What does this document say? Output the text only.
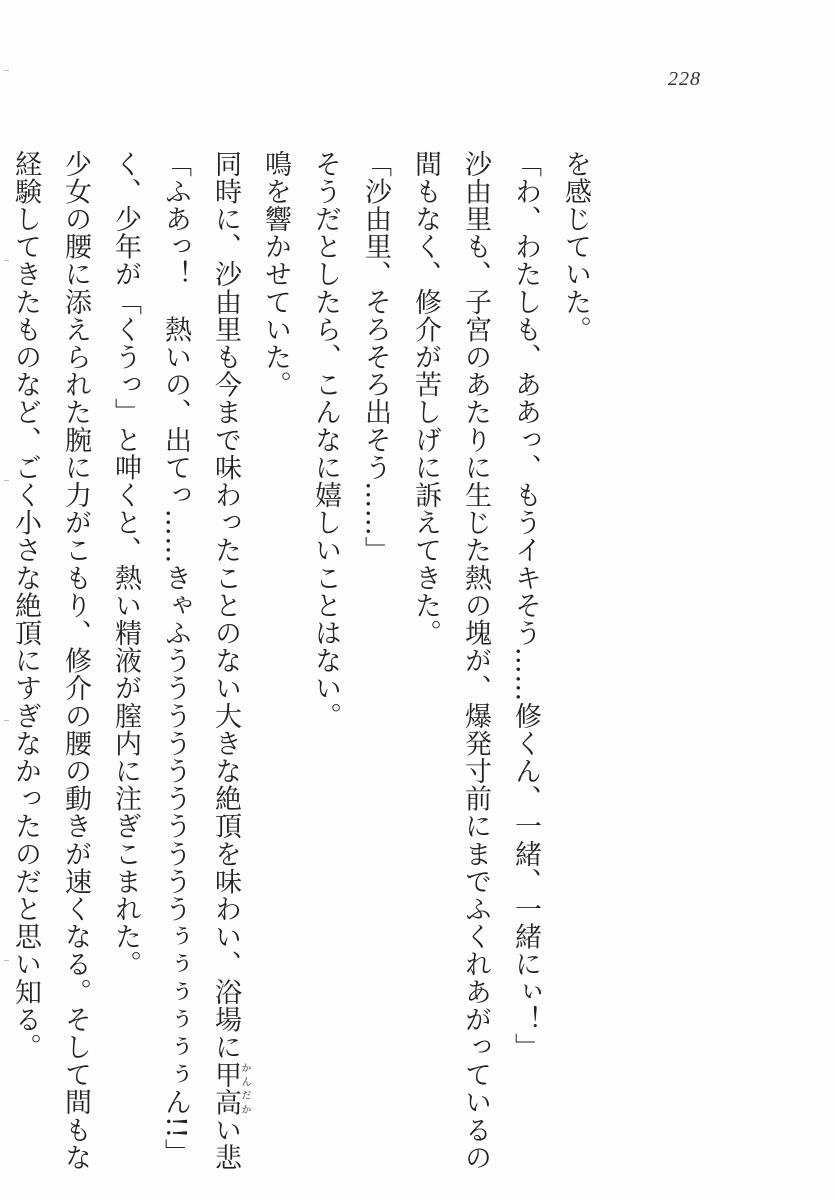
228
を感じていた。
「わ、わたしも、ああっ、もうイキそう……修くん、一緒、一緒にぃ！」
沙由里も、子宮のあたりに生じた熱の塊が、爆発寸前にまでふくれあがっているの
間もなく、修介が苦しげに訴えてきた。
「沙由里、そろそろ出そう……」
そうだとしたら、こんなに嬉しいことはない。
鳴を響かせていた。
同時に、沙由里も今まで味わったことのない大きな絶頂を味わい、浴場に甲高かんだかい悲
「ふあっ！　熱いの、出てっ……きゃふううううううううううぅぅぅぅぅぅん!!」
く、少年が「くうっ」と呻くと、熱い精液が膣内に注ぎこまれた。
少女の腰に添えられた腕に力がこもり、修介の腰の動きが速くなる。そして間もな
経験してきたものなど、ごく小さな絶頂にすぎなかったのだと思い知る。
